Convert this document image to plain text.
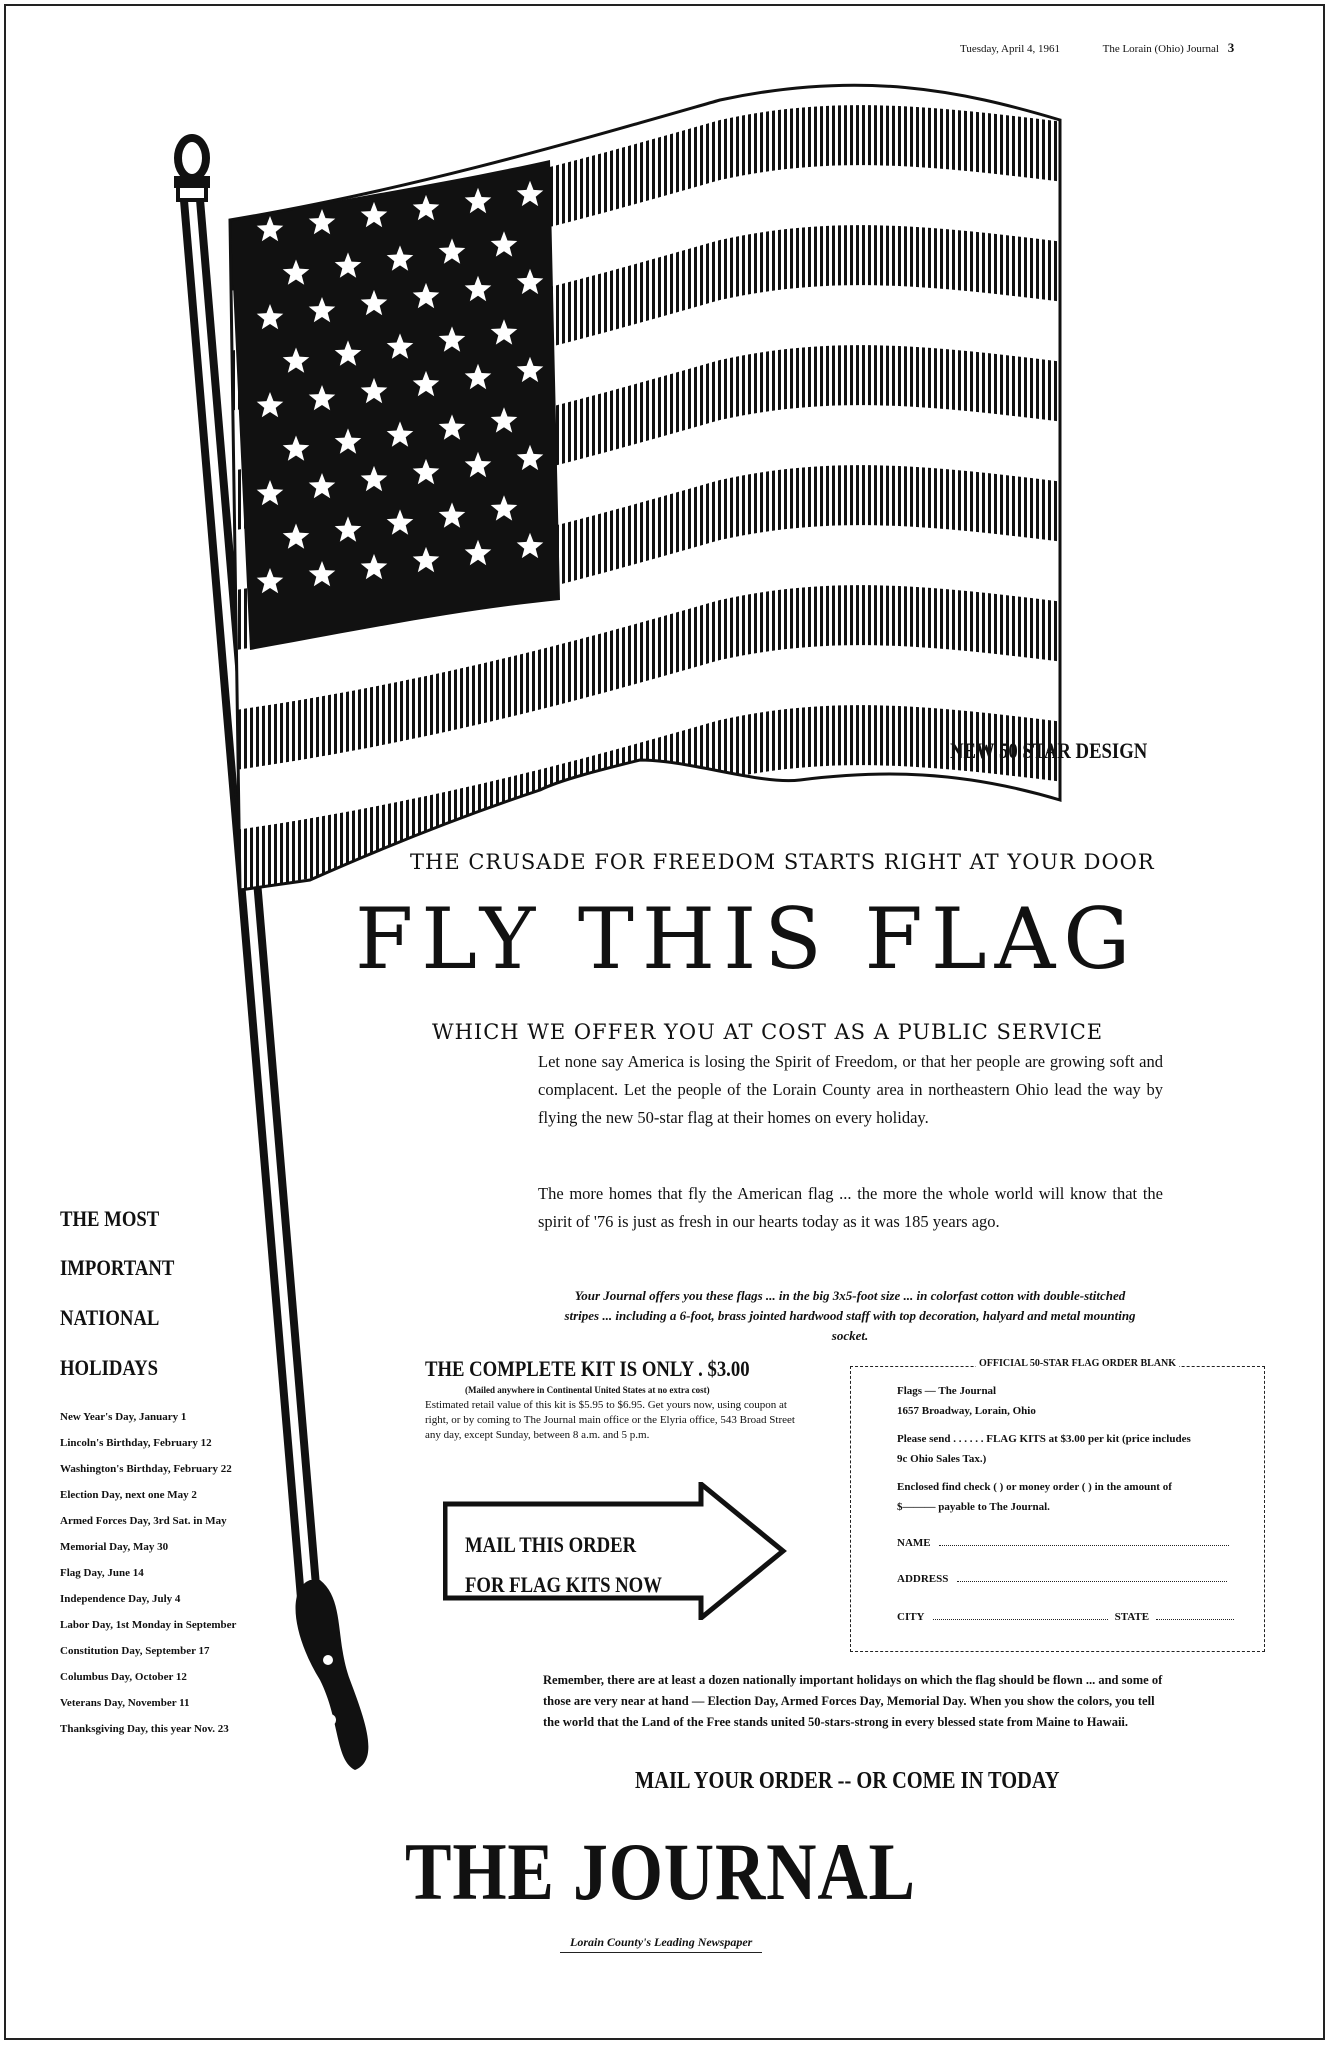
Tuesday, April 4, 1961	The Lorain (Ohio) Journal 3
NEW 50 STAR DESIGN
THE CRUSADE FOR FREEDOM STARTS RIGHT AT YOUR DOOR
FLY THIS FLAG
WHICH WE OFFER YOU AT COST AS A PUBLIC SERVICE
Let none say America is losing the Spirit of Freedom, or that her people are growing soft and complacent. Let the people of the Lorain County area in northeastern Ohio lead the way by flying the new 50-star flag at their homes on every holiday.
The more homes that fly the American flag ... the more the whole world will know that the spirit of '76 is just as fresh in our hearts today as it was 185 years ago.
Your Journal offers you these flags ... in the big 3x5-foot size ... in colorfast cotton with double-stitched stripes ... including a 6-foot, brass jointed hardwood staff with top decoration, halyard and metal mounting socket.
THE MOST
IMPORTANT
NATIONAL
HOLIDAYS
New Year's Day, January 1
Lincoln's Birthday, February 12
Washington's Birthday, February 22
Election Day, next one May 2
Armed Forces Day, 3rd Sat. in May
Memorial Day, May 30
Flag Day, June 14
Independence Day, July 4
Labor Day, 1st Monday in September
Constitution Day, September 17
Columbus Day, October 12
Veterans Day, November 11
Thanksgiving Day, this year Nov. 23
THE COMPLETE KIT IS ONLY . $3.00
(Mailed anywhere in Continental United States at no extra cost)
Estimated retail value of this kit is $5.95 to $6.95. Get yours now, using coupon at right, or by coming to The Journal main office or the Elyria office, 543 Broad Street any day, except Sunday, between 8 a.m. and 5 p.m.
MAIL THIS ORDER
FOR FLAG KITS NOW
OFFICIAL 50-STAR FLAG ORDER BLANK
Flags — The Journal
1657 Broadway, Lorain, Ohio
Please send . . . . . . FLAG KITS at $3.00 per kit (price includes
9c Ohio Sales Tax.)
Enclosed find check ( ) or money order ( ) in the amount of
$——— payable to The Journal.
NAME
ADDRESS
CITY	STATE
Remember, there are at least a dozen nationally important holidays on which the flag should be flown ... and some of those are very near at hand — Election Day, Armed Forces Day, Memorial Day. When you show the colors, you tell the world that the Land of the Free stands united 50-stars-strong in every blessed state from Maine to Hawaii.
MAIL YOUR ORDER -- OR COME IN TODAY
THE JOURNAL
Lorain County's Leading Newspaper
